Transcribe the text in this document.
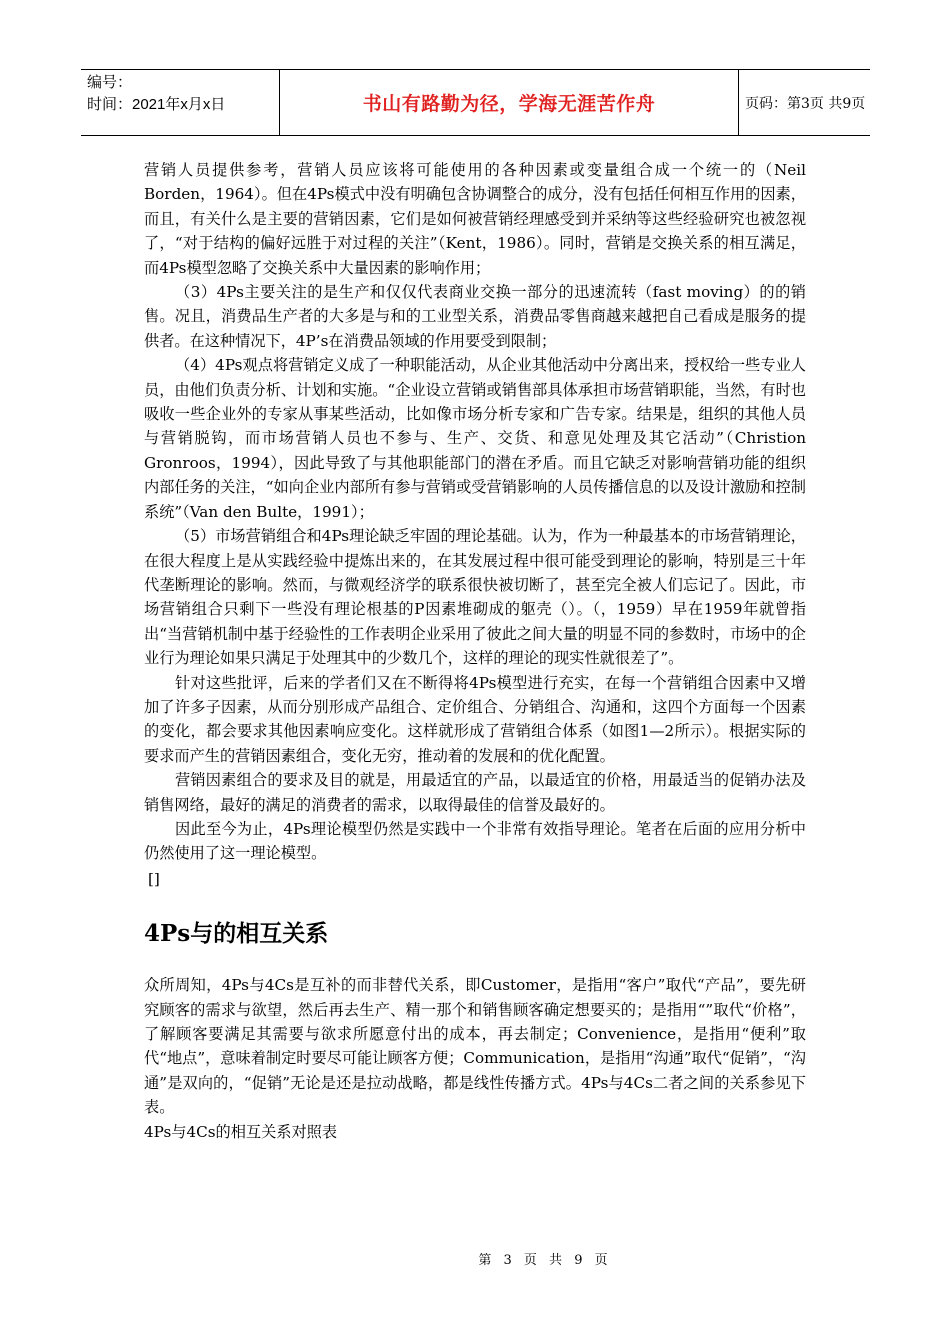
编号：
时间：2021年x月x日	书山有路勤为径，学海无涯苦作舟	页码：第3页 共9页

营销人员提供参考，营销人员应该将可能使用的各种因素或变量组合成一个统一的（Neil Borden，1964）。但在4Ps模式中没有明确包含协调整合的成分，没有包括任何相互作用的因素，而且，有关什么是主要的营销因素，它们是如何被营销经理感受到并采纳等这些经验研究也被忽视了，“对于结构的偏好远胜于对过程的关注”（Kent，1986）。同时，营销是交换关系的相互满足，而4Ps模型忽略了交换关系中大量因素的影响作用；

（3）4Ps主要关注的是生产和仅仅代表商业交换一部分的迅速流转（fast moving）的的销售。况且，消费品生产者的大多是与和的工业型关系，消费品零售商越来越把自己看成是服务的提供者。在这种情况下，4P’s在消费品领域的作用要受到限制；

（4）4Ps观点将营销定义成了一种职能活动，从企业其他活动中分离出来，授权给一些专业人员，由他们负责分析、计划和实施。“企业设立营销或销售部具体承担市场营销职能，当然，有时也吸收一些企业外的专家从事某些活动，比如像市场分析专家和广告专家。结果是，组织的其他人员与营销脱钩，而市场营销人员也不参与、生产、交货、和意见处理及其它活动”（Christion Gronroos，1994），因此导致了与其他职能部门的潜在矛盾。而且它缺乏对影响营销功能的组织内部任务的关注，“如向企业内部所有参与营销或受营销影响的人员传播信息的以及设计激励和控制系统”（Van den Bulte，1991）；

（5）市场营销组合和4Ps理论缺乏牢固的理论基础。认为，作为一种最基本的市场营销理论，在很大程度上是从实践经验中提炼出来的，在其发展过程中很可能受到理论的影响，特别是三十年代垄断理论的影响。然而，与微观经济学的联系很快被切断了，甚至完全被人们忘记了。因此，市场营销组合只剩下一些没有理论根基的P因素堆砌成的躯壳（）。（，1959）早在1959年就曾指出“当营销机制中基于经验性的工作表明企业采用了彼此之间大量的明显不同的参数时，市场中的企业行为理论如果只满足于处理其中的少数几个，这样的理论的现实性就很差了”。

针对这些批评，后来的学者们又在不断得将4Ps模型进行充实，在每一个营销组合因素中又增加了许多子因素，从而分别形成产品组合、定价组合、分销组合、沟通和，这四个方面每一个因素的变化，都会要求其他因素响应变化。这样就形成了营销组合体系（如图1—2所示）。根据实际的要求而产生的营销因素组合，变化无穷，推动着的发展和的优化配置。

营销因素组合的要求及目的就是，用最适宜的产品，以最适宜的价格，用最适当的促销办法及销售网络，最好的满足的消费者的需求，以取得最佳的信誉及最好的。

因此至今为止，4Ps理论模型仍然是实践中一个非常有效指导理论。笔者在后面的应用分析中仍然使用了这一理论模型。

[]

4Ps与的相互关系

众所周知，4Ps与4Cs是互补的而非替代关系，即Customer，是指用“客户”取代“产品”，要先研究顾客的需求与欲望，然后再去生产、精一那个和销售顾客确定想要买的；是指用“”取代“价格”，了解顾客要满足其需要与欲求所愿意付出的成本，再去制定；Convenience，是指用“便利”取代“地点”，意味着制定时要尽可能让顾客方便；Communication，是指用“沟通”取代“促销”，“沟通”是双向的，“促销”无论是还是拉动战略，都是线性传播方式。4Ps与4Cs二者之间的关系参见下表。

4Ps与4Cs的相互关系对照表

第 3 页 共 9 页
